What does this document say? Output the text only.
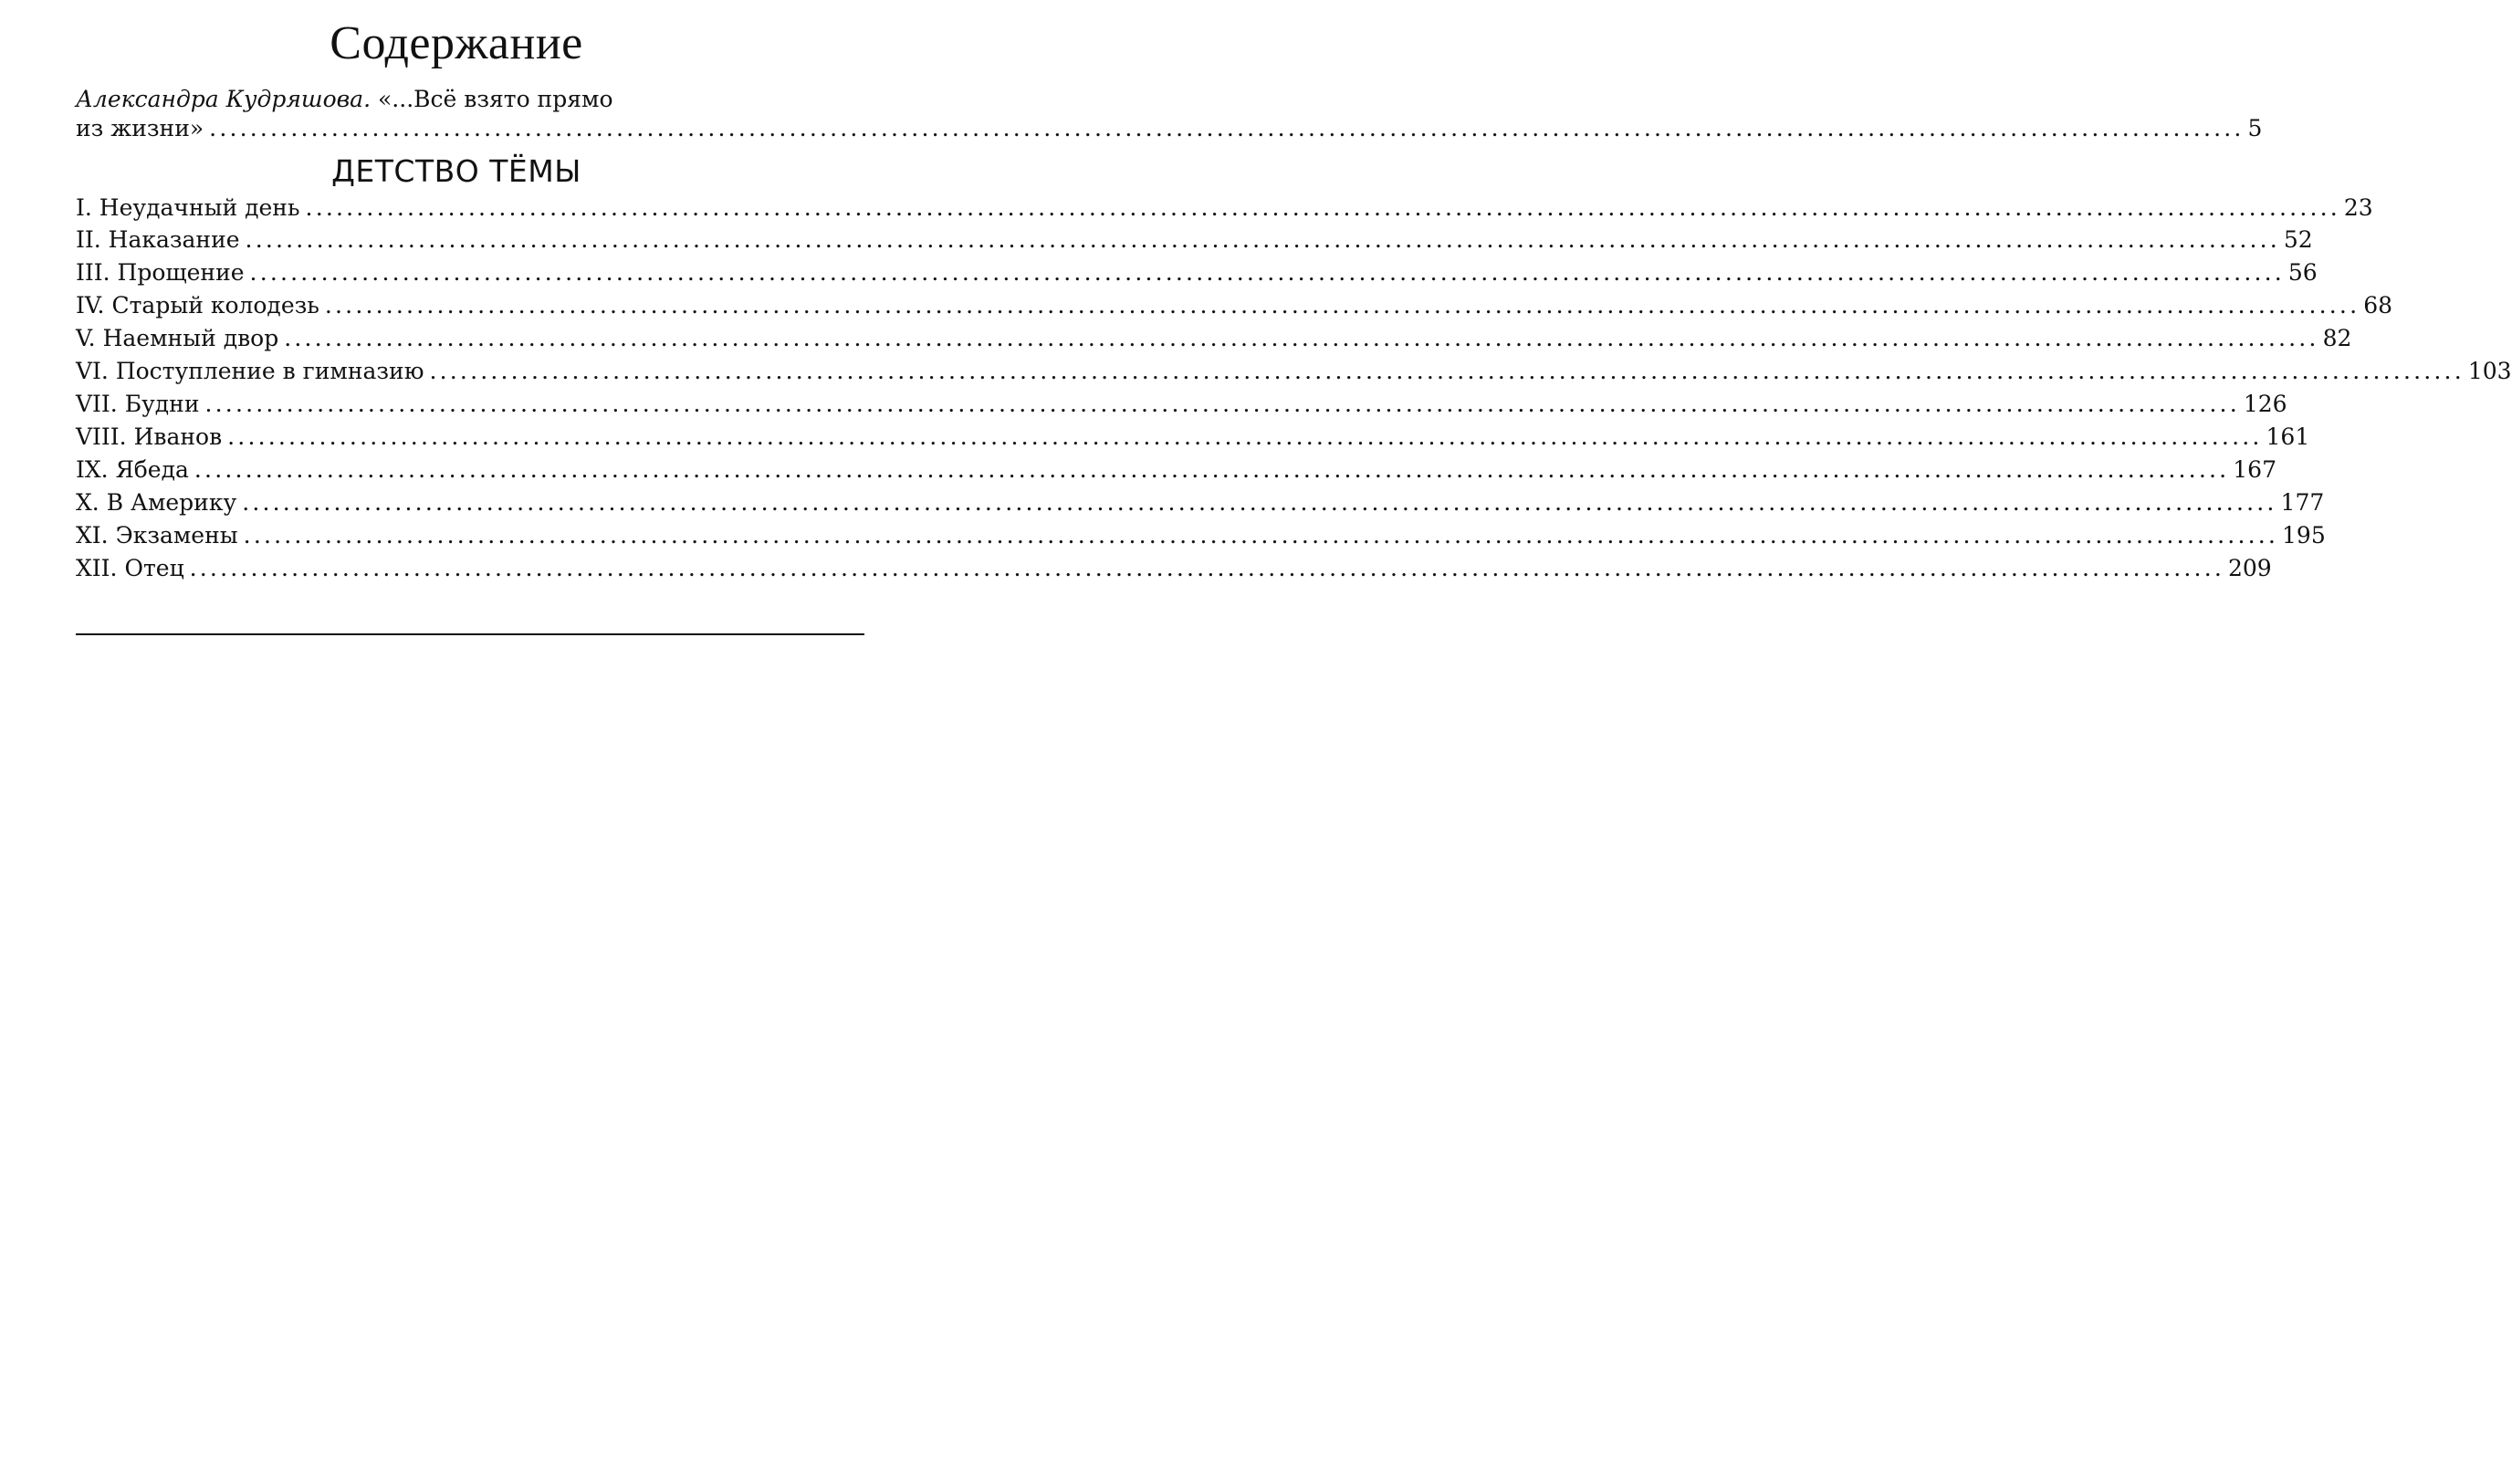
Содержание
Александра Кудряшова. «...Всё взято прямо
из жизни» ........................................................................................................................................................................................................ 5
ДЕТСТВО ТЁМЫ
I. Неудачный день ........................................................................................................................................................................................................ 23
II. Наказание ........................................................................................................................................................................................................ 52
III. Прощение ........................................................................................................................................................................................................ 56
IV. Старый колодезь ........................................................................................................................................................................................................ 68
V. Наемный двор ........................................................................................................................................................................................................ 82
VI. Поступление в гимназию ........................................................................................................................................................................................................ 103
VII. Будни ........................................................................................................................................................................................................ 126
VIII. Иванов ........................................................................................................................................................................................................ 161
IX. Ябеда ........................................................................................................................................................................................................ 167
X. В Америку ........................................................................................................................................................................................................ 177
XI. Экзамены ........................................................................................................................................................................................................ 195
XII. Отец ........................................................................................................................................................................................................ 209
